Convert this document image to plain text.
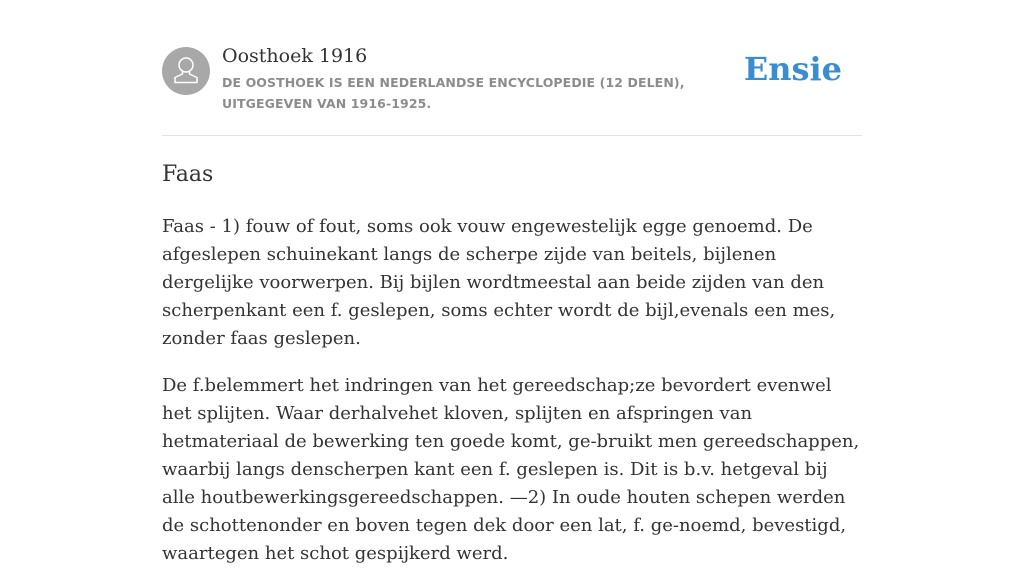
Oosthoek 1916
DE OOSTHOEK IS EEN NEDERLANDSE ENCYCLOPEDIE (12 DELEN), UITGEGEVEN VAN 1916-1925.
Ensie
Faas

Faas - 1) fouw of fout, soms ook vouw engewestelijk egge genoemd. De afgeslepen schuinekant langs de scherpe zijde van beitels, bijlenen dergelijke voorwerpen. Bij bijlen wordtmeestal aan beide zijden van den scherpenkant een f. geslepen, soms echter wordt de bijl,evenals een mes, zonder faas geslepen.

De f.belemmert het indringen van het gereedschap;ze bevordert evenwel het splijten. Waar derhalvehet kloven, splijten en afspringen van hetmateriaal de bewerking ten goede komt, ge-bruikt men gereedschappen, waarbij langs denscherpen kant een f. geslepen is. Dit is b.v. hetgeval bij alle houtbewerkingsgereedschappen. —2) In oude houten schepen werden de schottenonder en boven tegen dek door een lat, f. ge-noemd, bevestigd, waartegen het schot gespijkerd werd.
